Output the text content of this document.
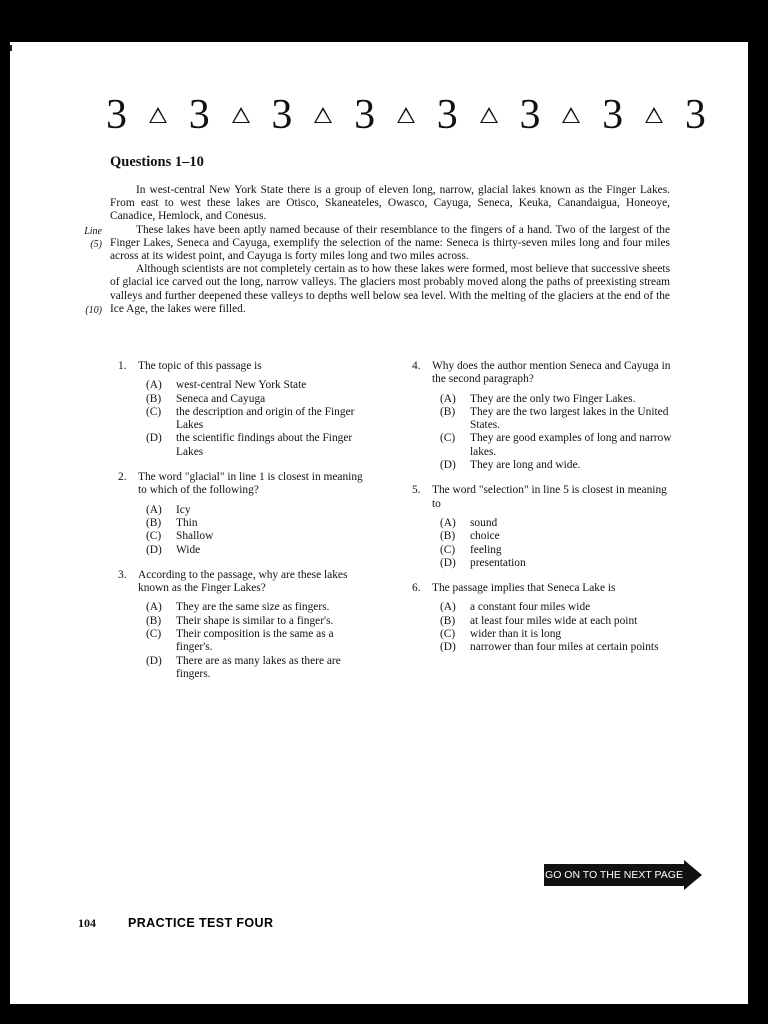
3 3 3 3 3 3 3 3
Questions 1–10

In west-central New York State there is a group of eleven long, narrow, glacial lakes known as the Finger Lakes. From east to west these lakes are Otisco, Skaneateles, Owasco, Cayuga, Seneca, Keuka, Canandaigua, Honeoye, Canadice, Hemlock, and Conesus.

These lakes have been aptly named because of their resemblance to the fingers of a hand. Two of the largest of the Finger Lakes, Seneca and Cayuga, exemplify the selection of the name: Seneca is thirty-seven miles long and four miles across at its widest point, and Cayuga is forty miles long and two miles across.

Although scientists are not completely certain as to how these lakes were formed, most believe that successive sheets of glacial ice carved out the long, narrow valleys. The glaciers most probably moved along the paths of preexisting stream valleys and further deepened these valleys to depths well below sea level. With the melting of the glaciers at the end of the Ice Age, the lakes were filled.

Line
(5)
(10)
1.	The topic of this passage is
(A)	west-central New York State
(B)	Seneca and Cayuga
(C)	the description and origin of the Finger Lakes
(D)	the scientific findings about the Finger Lakes
2.	The word "glacial" in line 1 is closest in meaning to which of the following?
(A)	Icy
(B)	Thin
(C)	Shallow
(D)	Wide
3.	According to the passage, why are these lakes known as the Finger Lakes?
(A)	They are the same size as fingers.
(B)	Their shape is similar to a finger's.
(C)	Their composition is the same as a finger's.
(D)	There are as many lakes as there are fingers.
4.	Why does the author mention Seneca and Cayuga in the second paragraph?
(A)	They are the only two Finger Lakes.
(B)	They are the two largest lakes in the United States.
(C)	They are good examples of long and narrow lakes.
(D)	They are long and wide.
5.	The word "selection" in line 5 is closest in meaning to
(A)	sound
(B)	choice
(C)	feeling
(D)	presentation
6.	The passage implies that Seneca Lake is
(A)	a constant four miles wide
(B)	at least four miles wide at each point
(C)	wider than it is long
(D)	narrower than four miles at certain points
GO ON TO THE NEXT PAGE
104	PRACTICE TEST FOUR
